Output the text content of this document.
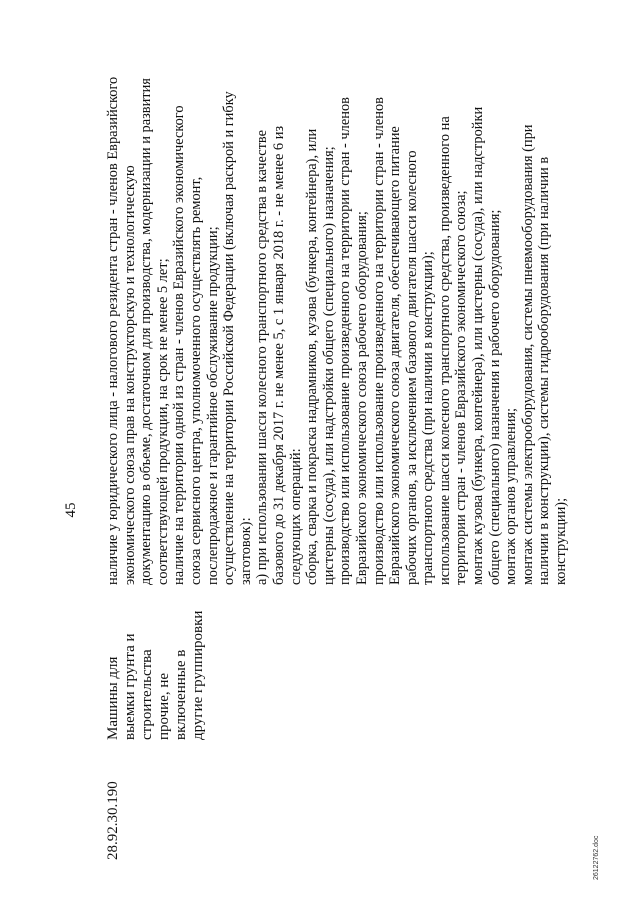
45
28.92.30.190
Машины для выемки грунта и строительства прочие, не включенные в другие группировки

наличие у юридического лица - налогового резидента стран - членов Евразийского экономического союза прав на конструкторскую и технологическую документацию в объеме, достаточном для производства, модернизации и развития соответствующей продукции, на срок не менее 5 лет; наличие на территории одной из стран - членов Евразийского экономического союза сервисного центра, уполномоченного осуществлять ремонт, послепродажное и гарантийное обслуживание продукции; осуществление на территории Российской Федерации (включая раскрой и гибку заготовок): а) при использовании шасси колесного транспортного средства в качестве базового до 31 декабря 2017 г. не менее 5, с 1 января 2018 г. - не менее 6 из следующих операций: сборка, сварка и покраска надрамников, кузова (бункера, контейнера), или цистерны (сосуда), или надстройки общего (специального) назначения; производство или использование произведенного на территории стран - членов Евразийского экономического союза рабочего оборудования; производство или использование произведенного на территории стран - членов Евразийского экономического союза двигателя, обеспечивающего питание рабочих органов, за исключением базового двигателя шасси колесного транспортного средства (при наличии в конструкции); использование шасси колесного транспортного средства, произведенного на территории стран - членов Евразийского экономического союза; монтаж кузова (бункера, контейнера), или цистерны (сосуда), или надстройки общего (специального) назначения и рабочего оборудования; монтаж органов управления; монтаж системы электрооборудования, системы пневмооборудования (при наличии в конструкции), системы гидрооборудования (при наличии в конструкции);

26122762.doc
